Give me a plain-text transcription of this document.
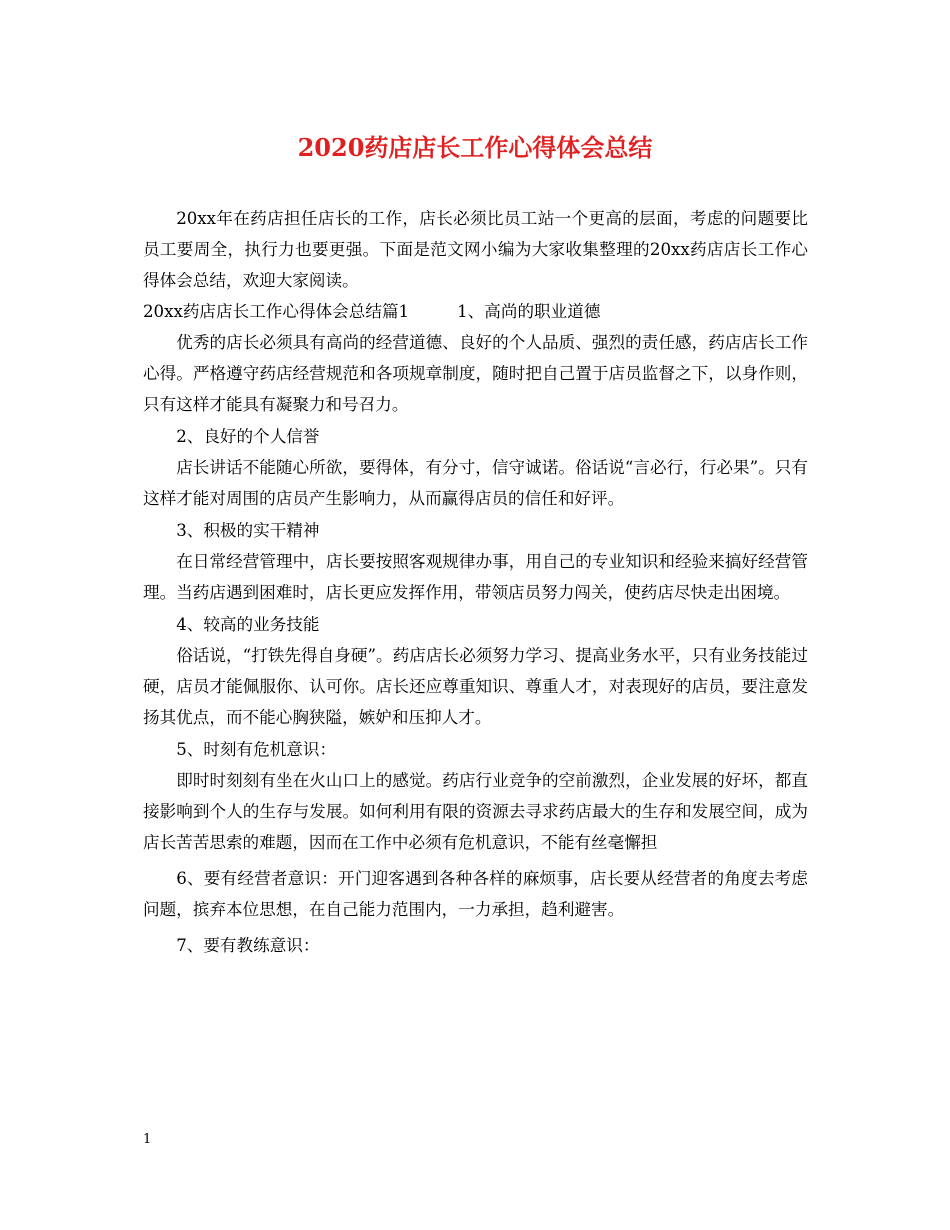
2020药店店长工作心得体会总结

20xx年在药店担任店长的工作，店长必须比员工站一个更高的层面，考虑的问题要比员工要周全，执行力也要更强。下面是范文网小编为大家收集整理的20xx药店店长工作心得体会总结，欢迎大家阅读。

20xx药店店长工作心得体会总结篇1	1、高尚的职业道德

优秀的店长必须具有高尚的经营道德、良好的个人品质、强烈的责任感，药店店长工作心得。严格遵守药店经营规范和各项规章制度，随时把自己置于店员监督之下，以身作则，只有这样才能具有凝聚力和号召力。

2、良好的个人信誉

店长讲话不能随心所欲，要得体，有分寸，信守诚诺。俗话说“言必行，行必果”。只有这样才能对周围的店员产生影响力，从而赢得店员的信任和好评。

3、积极的实干精神

在日常经营管理中，店长要按照客观规律办事，用自己的专业知识和经验来搞好经营管理。当药店遇到困难时，店长更应发挥作用，带领店员努力闯关，使药店尽快走出困境。

4、较高的业务技能

俗话说，“打铁先得自身硬”。药店店长必须努力学习、提高业务水平，只有业务技能过硬，店员才能佩服你、认可你。店长还应尊重知识、尊重人才，对表现好的店员，要注意发扬其优点，而不能心胸狭隘，嫉妒和压抑人才。

5、时刻有危机意识：

即时时刻刻有坐在火山口上的感觉。药店行业竞争的空前激烈，企业发展的好坏，都直接影响到个人的生存与发展。如何利用有限的资源去寻求药店最大的生存和发展空间，成为店长苦苦思索的难题，因而在工作中必须有危机意识，不能有丝毫懈担

6、要有经营者意识：开门迎客遇到各种各样的麻烦事，店长要从经营者的角度去考虑问题，摈弃本位思想，在自己能力范围内，一力承担，趋利避害。

7、要有教练意识：

1
